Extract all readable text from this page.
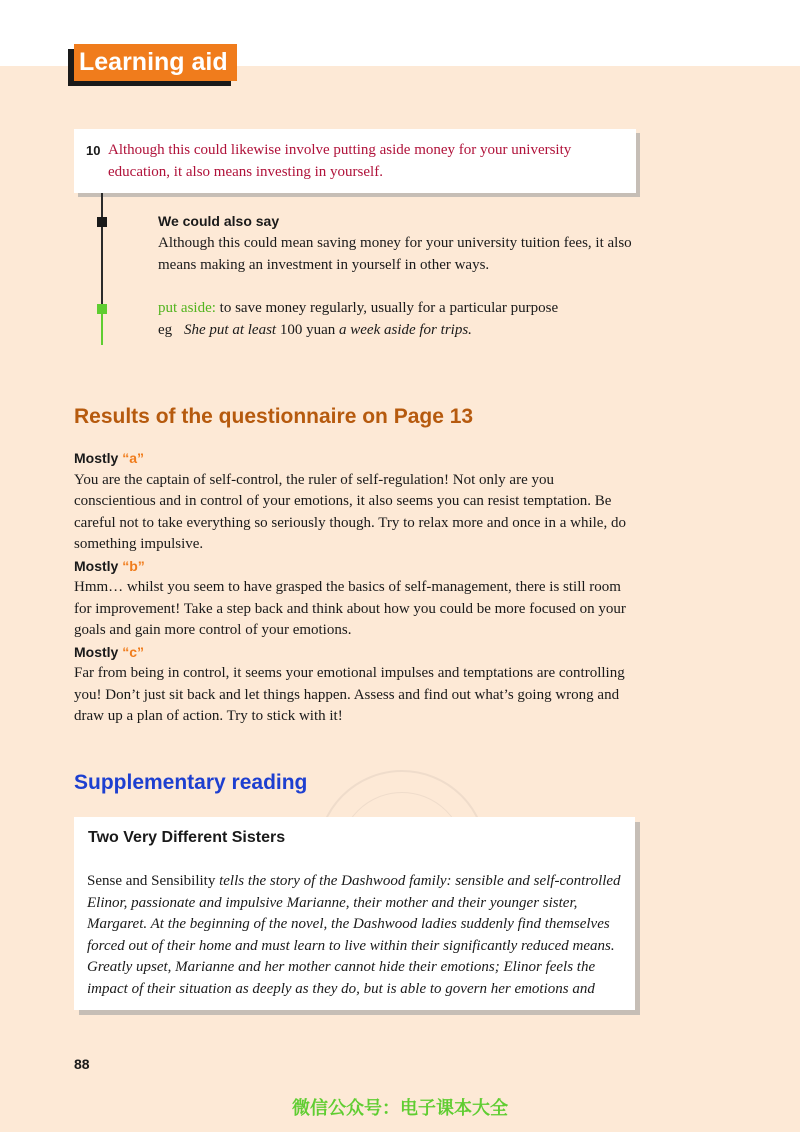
Learning aid
10 Although this could likewise involve putting aside money for your university education, it also means investing in yourself.
We could also say
Although this could mean saving money for your university tuition fees, it also means making an investment in yourself in other ways.
put aside: to save money regularly, usually for a particular purpose
eg She put at least 100 yuan a week aside for trips.
Results of the questionnaire on Page 13
Mostly “a”

You are the captain of self-control, the ruler of self-regulation! Not only are you conscientious and in control of your emotions, it also seems you can resist temptation. Be careful not to take everything so seriously though. Try to relax more and once in a while, do something impulsive.

Mostly “b”

Hmm… whilst you seem to have grasped the basics of self-management, there is still room for improvement! Take a step back and think about how you could be more focused on your goals and gain more control of your emotions.

Mostly “c”

Far from being in control, it seems your emotional impulses and temptations are controlling you! Don’t just sit back and let things happen. Assess and find out what’s going wrong and draw up a plan of action. Try to stick with it!

Supplementary reading
Two Very Different Sisters
Sense and Sensibility tells the story of the Dashwood family: sensible and self-controlled Elinor, passionate and impulsive Marianne, their mother and their younger sister, Margaret. At the beginning of the novel, the Dashwood ladies suddenly find themselves forced out of their home and must learn to live within their significantly reduced means. Greatly upset, Marianne and her mother cannot hide their emotions; Elinor feels the impact of their situation as deeply as they do, but is able to govern her emotions and
88
微信公众号：电子课本大全
